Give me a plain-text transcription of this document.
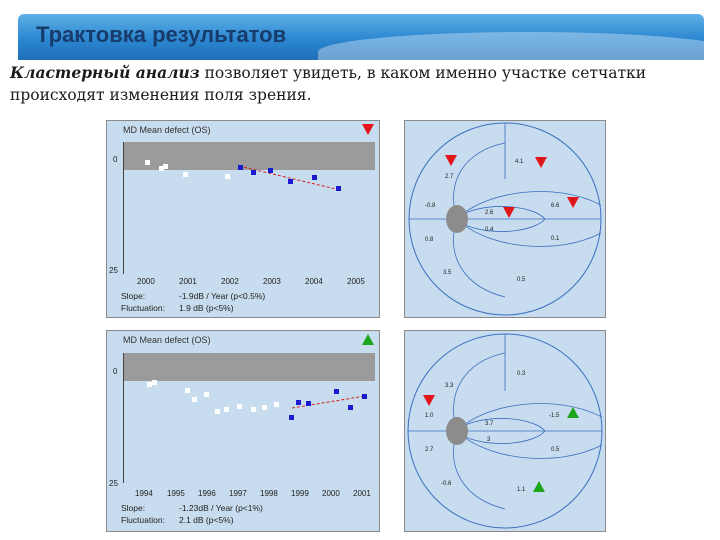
Трактовка результатов
Кластерный анализ позволяет увидеть, в каком именно участке сетчатки происходят изменения поля зрения.
MD Mean defect (OS)
0
25
2000	2001	2002	2003	2004	2005
Slope:	-1.9dB / Year (p<0.5%)
Fluctuation: 1.9 dB (p<5%)
MD Mean defect (OS)
0
25
1994 1995 1996 1997 1998 1999 2000 2001
Slope:	-1.23dB / Year (p<1%)
Fluctuation: 2.1 dB (p<5%)
4.1
2.7
-0.8
2.6
0.4
6.6
0.8	0.1
3.5
0.5
0.3
3.3
1.0
3.7
-1.5
3
2.7	0.5
-0.6
1.1
